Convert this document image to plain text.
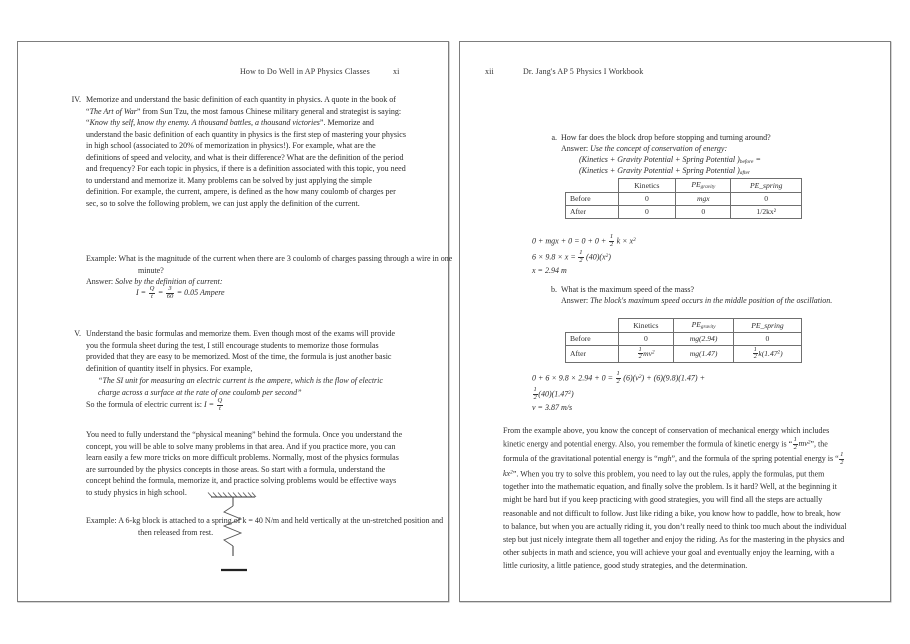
How to Do Well in AP Physics Classes	xi
IV. Memorize and understand the basic definition of each quantity in physics. A quote in the book of “The Art of War” from Sun Tzu, the most famous Chinese military general and strategist is saying: “Know thy self, know thy enemy. A thousand battles, a thousand victories”. Memorize and understand the basic definition of each quantity in physics is the first step of mastering your physics in high school (associated to 20% of memorization in physics!). For example, what are the definitions of speed and velocity, and what is their difference? What are the definition of the period and frequency? For each topic in physics, if there is a definition associated with this topic, you need to understand and memorize it. Many problems can be solved by just applying the simple definition. For example, the current, ampere, is defined as the how many coulomb of charges per sec, so to solve the following problem, we can just apply the definition of the current.
Example: What is the magnitude of the current when there are 3 coulomb of charges passing through a wire in one minute?
Answer: Solve by the definition of current:
$I = \frac{Q}{t} = \frac{3}{60} = 0.05$ Ampere
V. Understand the basic formulas and memorize them. Even though most of the exams will provide you the formula sheet during the test, I still encourage students to memorize those formulas provided that they are easy to be memorized. Most of the time, the formula is just another basic definition of quantity itself in physics. For example,
“The SI unit for measuring an electric current is the ampere, which is the flow of electric charge across a surface at the rate of one coulomb per second”
So the formula of electric current is: $I = \frac{Q}{t}$
You need to fully understand the “physical meaning” behind the formula. Once you understand the concept, you will be able to solve many problems in that area. And if you practice more, you can learn easily a few more tricks on more difficult problems. Normally, most of the physics formulas are surrounded by the physics concepts in those areas. So start with a formula, understand the concept behind the formula, memorize it, and practice solving problems would be effective ways to study physics in high school.
Example: A 6-kg block is attached to a spring of k = 40 N/m and held vertically at the un-stretched position and then released from rest.
xii	Dr. Jang's AP 5 Physics I Workbook
a. How far does the block drop before stopping and turning around?
Answer: Use the concept of conservation of energy:
(Kinetics + Gravity Potential + Spring Potential )$_{before}$ =
(Kinetics + Gravity Potential + Spring Potential )$_{after}$
	Kinetics	$PE_{gravity}$	PE_spring
Before	0	mgx	0
After	0	0	1/2kx²
0 + mgx + $0 = 0 + 0 + \frac{1}{2}$ $k \times x^2$
$6 \times 9.8 \times x = \frac{1}{2} (40)(x^2)$
x = 2.94 m
b. What is the maximum speed of the mass?
Answer: The block's maximum speed occurs in the middle position of the oscillation.
	Kinetics	$PE_{gravity}$	PE_spring
Before	0	mg(2.94)	0
After	$\frac{1}{2} mv^2$	mg(1.47)	$\frac{1}{2} k(1.47^2)$
$0 + 6 \times 9.8 \times 2.94 + 0 = \frac{1}{2} (6)(v^2) + (6)(9.8)(1.47)$ +
$\frac{1}{2} (40)(1.47^2)$
v = 3.87 m/s
From the example above, you know the concept of conservation of mechanical energy which includes kinetic energy and potential energy. Also, you remember the formula of kinetic energy is “ $\frac{1}{2} mv^2$”, the formula of the gravitational potential energy is “mgh”, and the formula of the spring potential energy is “ $\frac{1}{2}$
$kx^2$”. When you try to solve this problem, you need to lay out the rules, apply the formulas, put them together into the mathematic equation, and finally solve the problem. Is it hard? Well, at the beginning it might be hard but if you keep practicing with good strategies, you will find all the steps are actually reasonable and not difficult to follow. Just like riding a bike, you know how to paddle, how to break, how to balance, but when you are actually riding it, you don’t really need to think too much about the individual step but just nicely integrate them all together and enjoy the riding. As for the mastering in the physics and other subjects in math and science, you will achieve your goal and eventually enjoy the learning, with a little curiosity, a little patience, good study strategies, and the determination.
